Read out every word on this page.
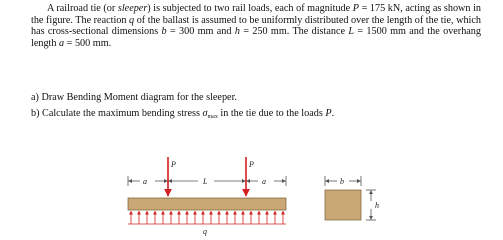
A railroad tie (or sleeper) is subjected to two rail loads, each of magnitude P = 175 kN, acting as shown in the figure. The reaction q of the ballast is assumed to be uniformly distributed over the length of the tie, which has cross-sectional dimensions b = 300 mm and h = 250 mm. The distance L = 1500 mm and the overhang length a = 500 mm.

a) Draw Bending Moment diagram for the sleeper.

b) Calculate the maximum bending stress $\sigma_{max}$ in the tie due to the loads P.

a	L	a
P	P
q
b
h
